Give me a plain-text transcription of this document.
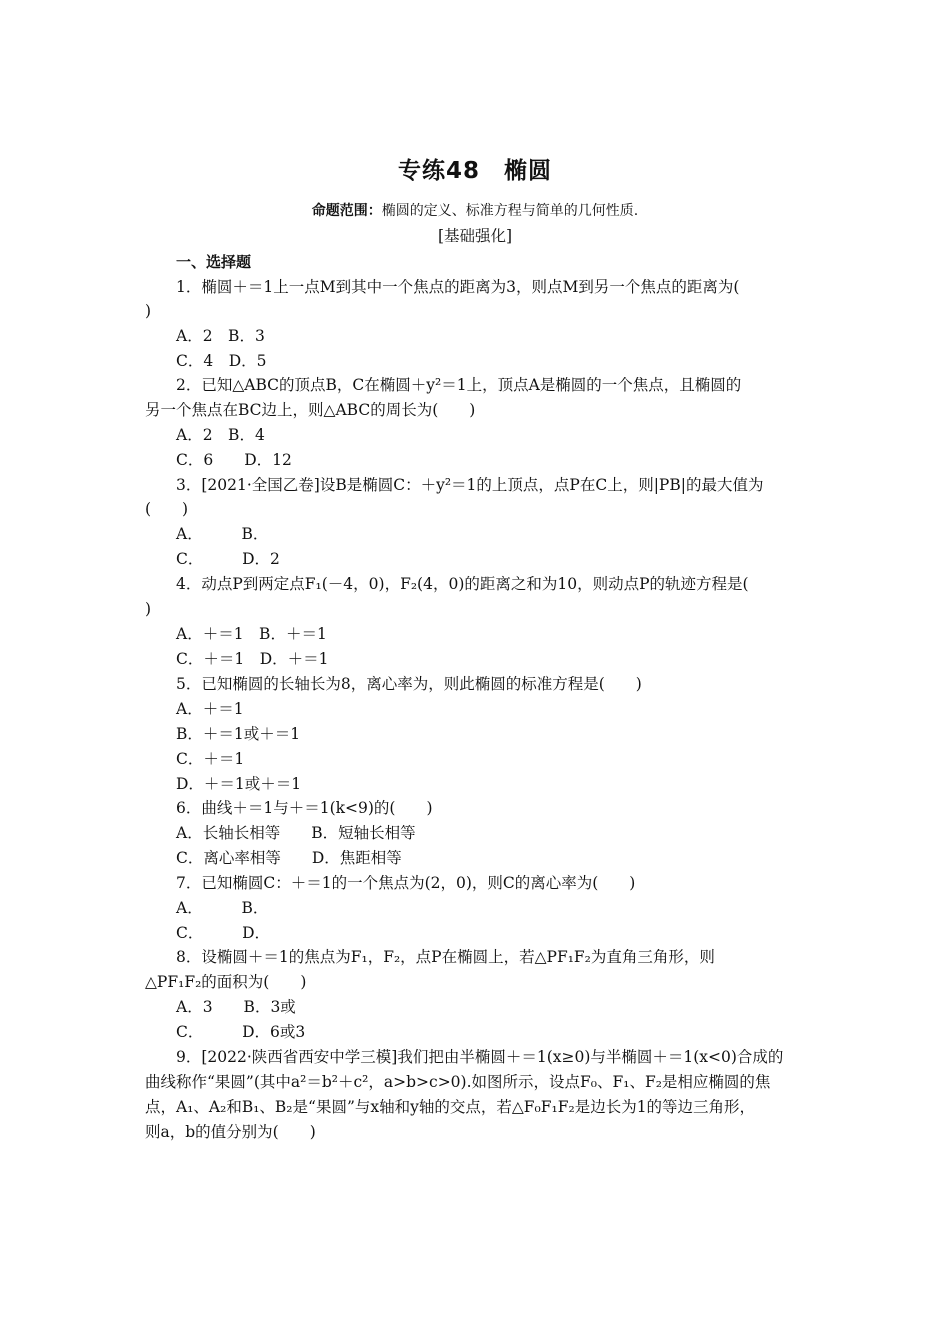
专练48　椭圆
命题范围：椭圆的定义、标准方程与简单的几何性质.
[基础强化]
一、选择题
1．椭圆＋＝1上一点M到其中一个焦点的距离为3，则点M到另一个焦点的距离为(
)
A．2　B．3
C．4　D．5
2．已知△ABC的顶点B，C在椭圆＋y²＝1上，顶点A是椭圆的一个焦点，且椭圆的
另一个焦点在BC边上，则△ABC的周长为(　　)
A．2　B．4
C．6　　D．12
3．[2021·全国乙卷]设B是椭圆C：＋y²＝1的上顶点，点P在C上，则|PB|的最大值为
(　　)
A．　　　B．
C．　　　D．2
4．动点P到两定点F₁(－4，0)，F₂(4，0)的距离之和为10，则动点P的轨迹方程是(
)
A．＋＝1　B．＋＝1
C．＋＝1　D．＋＝1
5．已知椭圆的长轴长为8，离心率为，则此椭圆的标准方程是(　　)
A．＋＝1
B．＋＝1或＋＝1
C．＋＝1
D．＋＝1或＋＝1
6．曲线＋＝1与＋＝1(k<9)的(　　)
A．长轴长相等　　B．短轴长相等
C．离心率相等　　D．焦距相等
7．已知椭圆C：＋＝1的一个焦点为(2，0)，则C的离心率为(　　)
A．　　　B．
C．　　　D．
8．设椭圆＋＝1的焦点为F₁，F₂，点P在椭圆上，若△PF₁F₂为直角三角形，则
△PF₁F₂的面积为(　　)
A．3　　B．3或
C．　　　D．6或3
9．[2022·陕西省西安中学三模]我们把由半椭圆＋＝1(x≥0)与半椭圆＋＝1(x<0)合成的
曲线称作“果圆”(其中a²＝b²＋c²，a>b>c>0).如图所示，设点F₀、F₁、F₂是相应椭圆的焦
点，A₁、A₂和B₁、B₂是“果圆”与x轴和y轴的交点，若△F₀F₁F₂是边长为1的等边三角形，
则a，b的值分别为(　　)
